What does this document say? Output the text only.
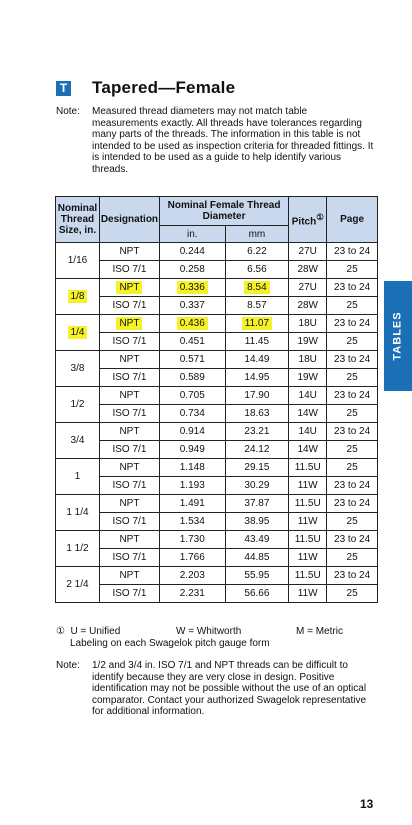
T Tapered—Female
Note:	Measured thread diameters may not match table measurements exactly. All threads have tolerances regarding many parts of the threads. The information in this table is not intended to be used as inspection criteria for threaded fittings. It is intended to be used as a guide to help identify various threads.
Nominal Thread Size, in.	Designation	Nominal Female Thread Diameter		Pitch①	Page
		in.	mm		
1/16	NPT	0.244	6.22	27U	23 to 24
	ISO 7/1	0.258	6.56	28W	25
1/8	NPT	0.336	8.54	27U	23 to 24
	ISO 7/1	0.337	8.57	28W	25
1/4	NPT	0.436	11.07	18U	23 to 24
	ISO 7/1	0.451	11.45	19W	25
3/8	NPT	0.571	14.49	18U	23 to 24
	ISO 7/1	0.589	14.95	19W	25
1/2	NPT	0.705	17.90	14U	23 to 24
	ISO 7/1	0.734	18.63	14W	25
3/4	NPT	0.914	23.21	14U	23 to 24
	ISO 7/1	0.949	24.12	14W	25
1	NPT	1.148	29.15	11.5U	25
	ISO 7/1	1.193	30.29	11W	23 to 24
1 1/4	NPT	1.491	37.87	11.5U	23 to 24
	ISO 7/1	1.534	38.95	11W	25
1 1/2	NPT	1.730	43.49	11.5U	23 to 24
	ISO 7/1	1.766	44.85	11W	25
2 1/4	NPT	2.203	55.95	11.5U	23 to 24
	ISO 7/1	2.231	56.66	11W	25
① U = Unified	W = Whitworth	M = Metric
Labeling on each Swagelok pitch gauge form
Note:	1/2 and 3/4 in. ISO 7/1 and NPT threads can be difficult to identify because they are very close in design. Positive identification may not be possible without the use of an optical comparator. Contact your authorized Swagelok representative for additional information.
TABLES
13
